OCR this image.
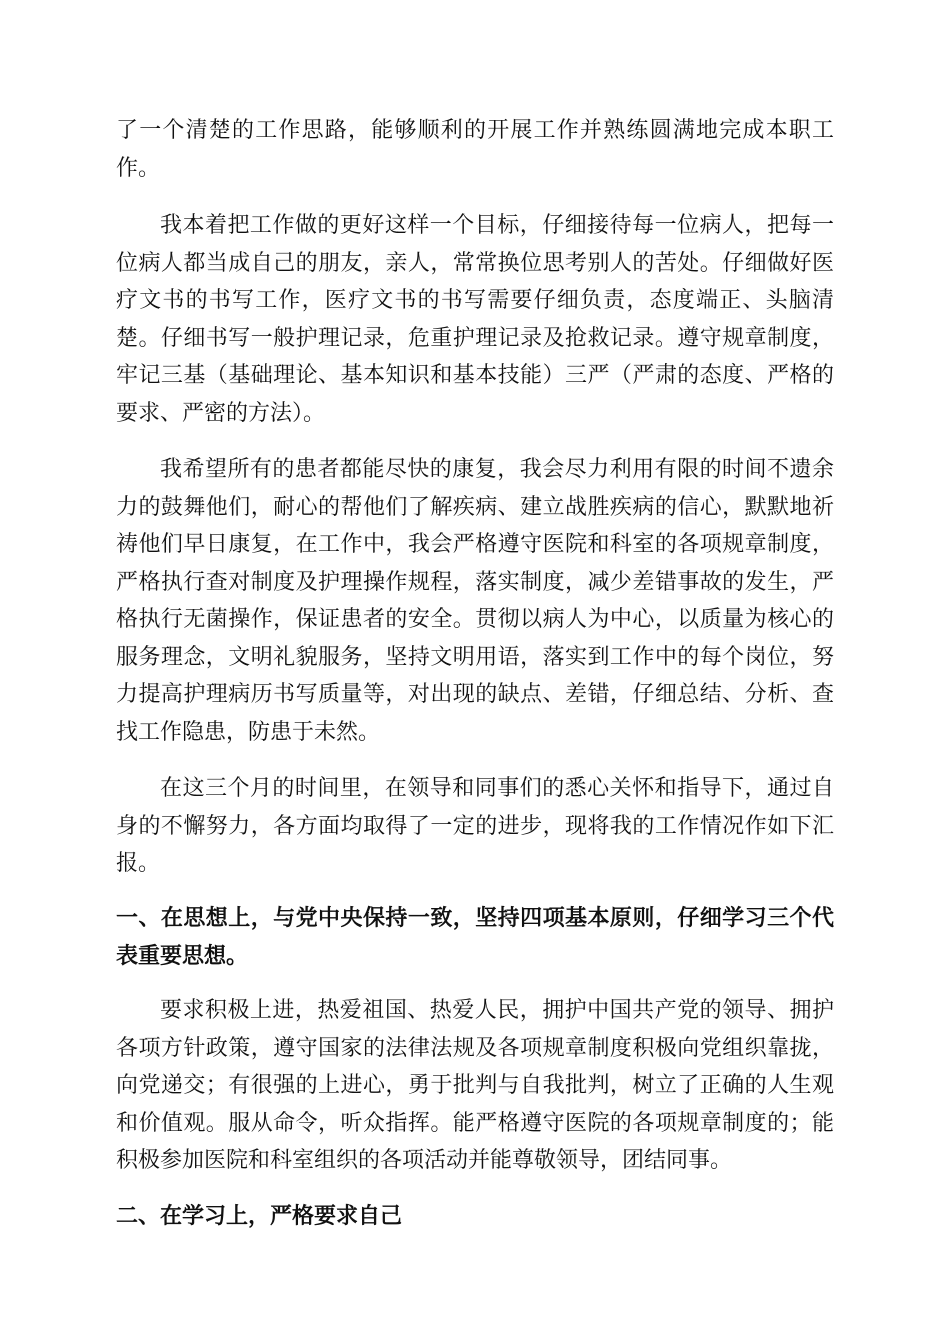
了一个清楚的工作思路，能够顺利的开展工作并熟练圆满地完成本职工作。

我本着把工作做的更好这样一个目标，仔细接待每一位病人，把每一位病人都当成自己的朋友，亲人，常常换位思考别人的苦处。仔细做好医疗文书的书写工作，医疗文书的书写需要仔细负责，态度端正、头脑清楚。仔细书写一般护理记录，危重护理记录及抢救记录。遵守规章制度，牢记三基（基础理论、基本知识和基本技能）三严（严肃的态度、严格的要求、严密的方法）。

我希望所有的患者都能尽快的康复，我会尽力利用有限的时间不遗余力的鼓舞他们，耐心的帮他们了解疾病、建立战胜疾病的信心，默默地祈祷他们早日康复，在工作中，我会严格遵守医院和科室的各项规章制度，严格执行查对制度及护理操作规程，落实制度，减少差错事故的发生，严格执行无菌操作，保证患者的安全。贯彻以病人为中心，以质量为核心的服务理念，文明礼貌服务，坚持文明用语，落实到工作中的每个岗位，努力提高护理病历书写质量等，对出现的缺点、差错，仔细总结、分析、查找工作隐患，防患于未然。

在这三个月的时间里，在领导和同事们的悉心关怀和指导下，通过自身的不懈努力，各方面均取得了一定的进步，现将我的工作情况作如下汇报。

一、在思想上，与党中央保持一致，坚持四项基本原则，仔细学习三个代表重要思想。

要求积极上进，热爱祖国、热爱人民，拥护中国共产党的领导、拥护各项方针政策，遵守国家的法律法规及各项规章制度积极向党组织靠拢，向党递交；有很强的上进心，勇于批判与自我批判，树立了正确的人生观和价值观。服从命令，听众指挥。能严格遵守医院的各项规章制度的；能积极参加医院和科室组织的各项活动并能尊敬领导，团结同事。

二、在学习上，严格要求自己
